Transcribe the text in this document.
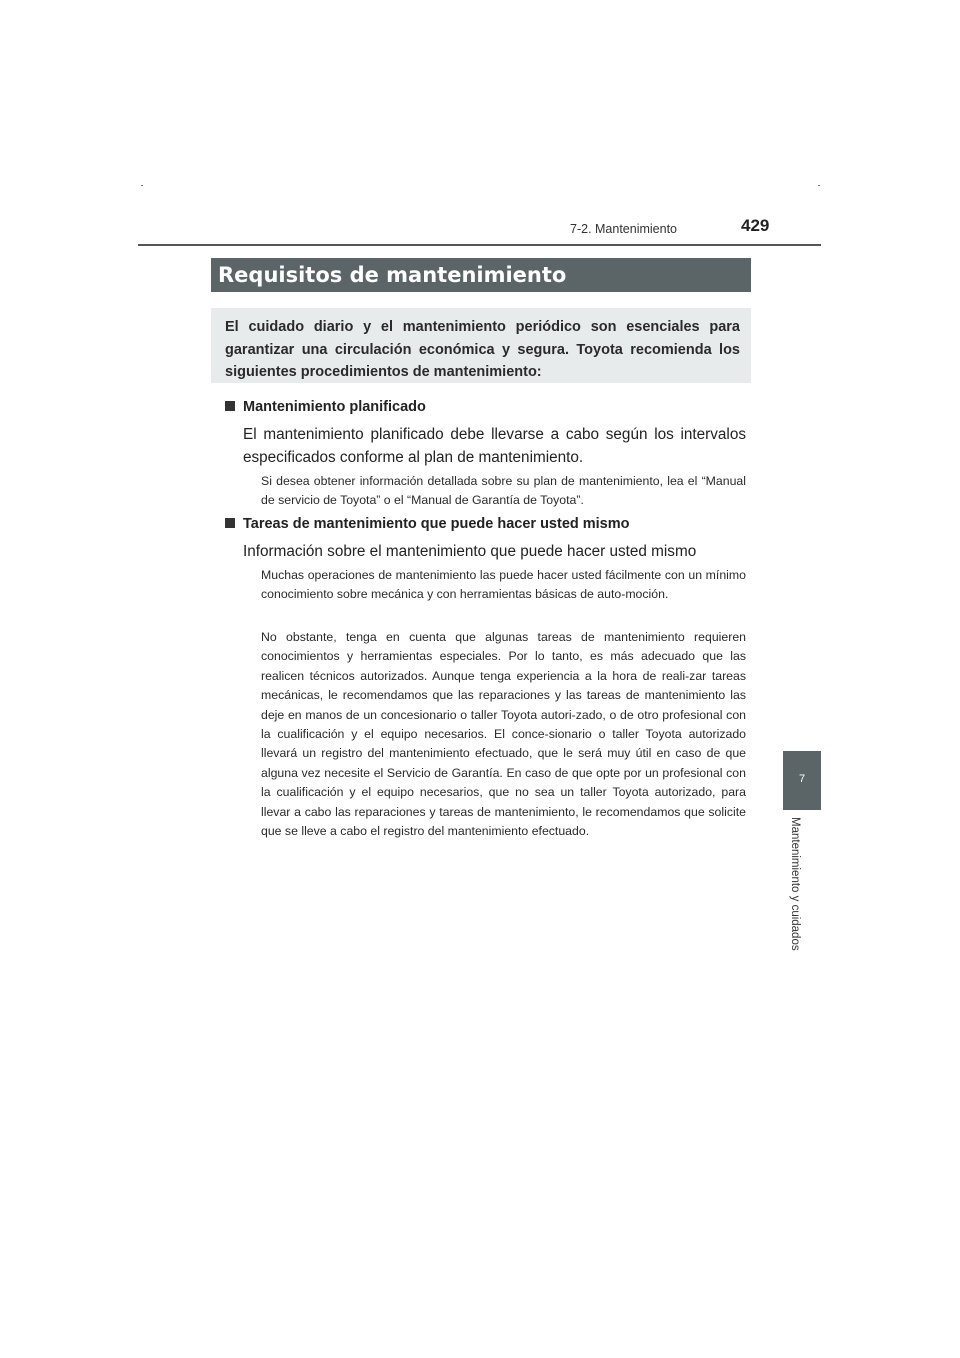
7-2. Mantenimiento	429
7
Mantenimiento y cuidados
Requisitos de mantenimiento

El cuidado diario y el mantenimiento periódico son esenciales para garantizar una circulación económica y segura. Toyota recomienda los siguientes procedimientos de mantenimiento:

Mantenimiento planificado

El mantenimiento planificado debe llevarse a cabo según los intervalos especificados conforme al plan de mantenimiento.

Si desea obtener información detallada sobre su plan de mantenimiento, lea el “Manual de servicio de Toyota” o el “Manual de Garantía de Toyota”.

Tareas de mantenimiento que puede hacer usted mismo

Información sobre el mantenimiento que puede hacer usted mismo

Muchas operaciones de mantenimiento las puede hacer usted fácilmente con un mínimo conocimiento sobre mecánica y con herramientas básicas de auto-moción.

No obstante, tenga en cuenta que algunas tareas de mantenimiento requieren conocimientos y herramientas especiales. Por lo tanto, es más adecuado que las realicen técnicos autorizados. Aunque tenga experiencia a la hora de reali-zar tareas mecánicas, le recomendamos que las reparaciones y las tareas de mantenimiento las deje en manos de un concesionario o taller Toyota autori-zado, o de otro profesional con la cualificación y el equipo necesarios. El conce-sionario o taller Toyota autorizado llevará un registro del mantenimiento efectuado, que le será muy útil en caso de que alguna vez necesite el Servicio de Garantía. En caso de que opte por un profesional con la cualificación y el equipo necesarios, que no sea un taller Toyota autorizado, para llevar a cabo las reparaciones y tareas de mantenimiento, le recomendamos que solicite que se lleve a cabo el registro del mantenimiento efectuado.
